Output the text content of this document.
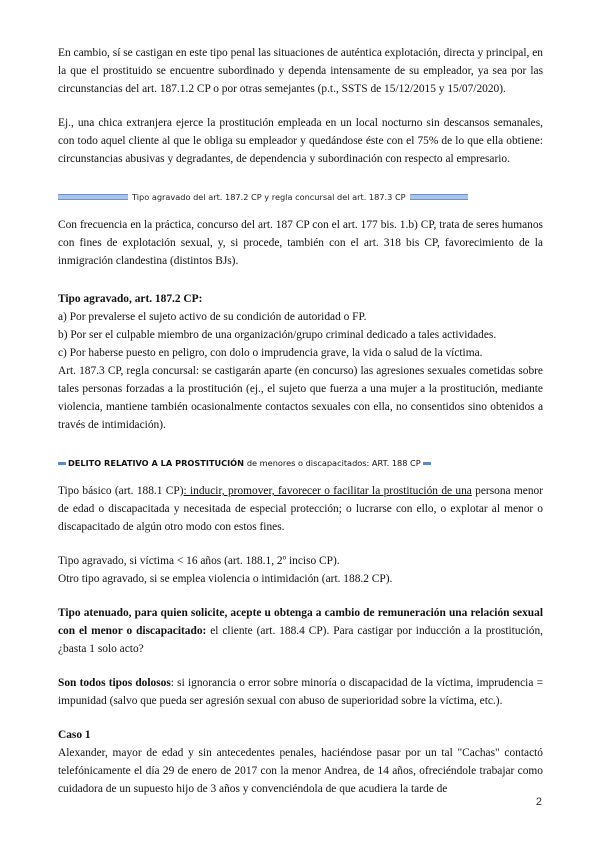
En cambio, sí se castigan en este tipo penal las situaciones de auténtica explotación, directa y principal, en la que el prostituido se encuentre subordinado y dependa intensamente de su empleador, ya sea por las circunstancias del art. 187.1.2 CP o por otras semejantes (p.t., SSTS de 15/12/2015 y 15/07/2020).

Ej., una chica extranjera ejerce la prostitución empleada en un local nocturno sin descansos semanales, con todo aquel cliente al que le obliga su empleador y quedándose éste con el 75% de lo que ella obtiene: circunstancias abusivas y degradantes, de dependencia y subordinación con respecto al empresario.

Tipo agravado del art. 187.2 CP y regla concursal del art. 187.3 CP

Con frecuencia en la práctica, concurso del art. 187 CP con el art. 177 bis. 1.b) CP, trata de seres humanos con fines de explotación sexual, y, si procede, también con el art. 318 bis CP, favorecimiento de la inmigración clandestina (distintos BJs).

Tipo agravado, art. 187.2 CP:

a) Por prevalerse el sujeto activo de su condición de autoridad o FP.

b) Por ser el culpable miembro de una organización/grupo criminal dedicado a tales actividades.

c) Por haberse puesto en peligro, con dolo o imprudencia grave, la vida o salud de la víctima.

Art. 187.3 CP, regla concursal: se castigarán aparte (en concurso) las agresiones sexuales cometidas sobre tales personas forzadas a la prostitución (ej., el sujeto que fuerza a una mujer a la prostitución, mediante violencia, mantiene también ocasionalmente contactos sexuales con ella, no consentidos sino obtenidos a través de intimidación).

DELITO RELATIVO A LA PROSTITUCIÓN de menores o discapacitados: ART. 188 CP

Tipo básico (art. 188.1 CP): inducir, promover, favorecer o facilitar la prostitución de una persona menor de edad o discapacitada y necesitada de especial protección; o lucrarse con ello, o explotar al menor o discapacitado de algún otro modo con estos fines.

Tipo agravado, si víctima < 16 años (art. 188.1, 2º inciso CP).

Otro tipo agravado, si se emplea violencia o intimidación (art. 188.2 CP).

Tipo atenuado, para quien solicite, acepte u obtenga a cambio de remuneración una relación sexual con el menor o discapacitado: el cliente (art. 188.4 CP). Para castigar por inducción a la prostitución, ¿basta 1 solo acto?

Son todos tipos dolosos: si ignorancia o error sobre minoría o discapacidad de la víctima, imprudencia = impunidad (salvo que pueda ser agresión sexual con abuso de superioridad sobre la víctima, etc.).

Caso 1

Alexander, mayor de edad y sin antecedentes penales, haciéndose pasar por un tal "Cachas" contactó telefónicamente el día 29 de enero de 2017 con la menor Andrea, de 14 años, ofreciéndole trabajar como cuidadora de un supuesto hijo de 3 años y convenciéndola de que acudiera la tarde de

2
